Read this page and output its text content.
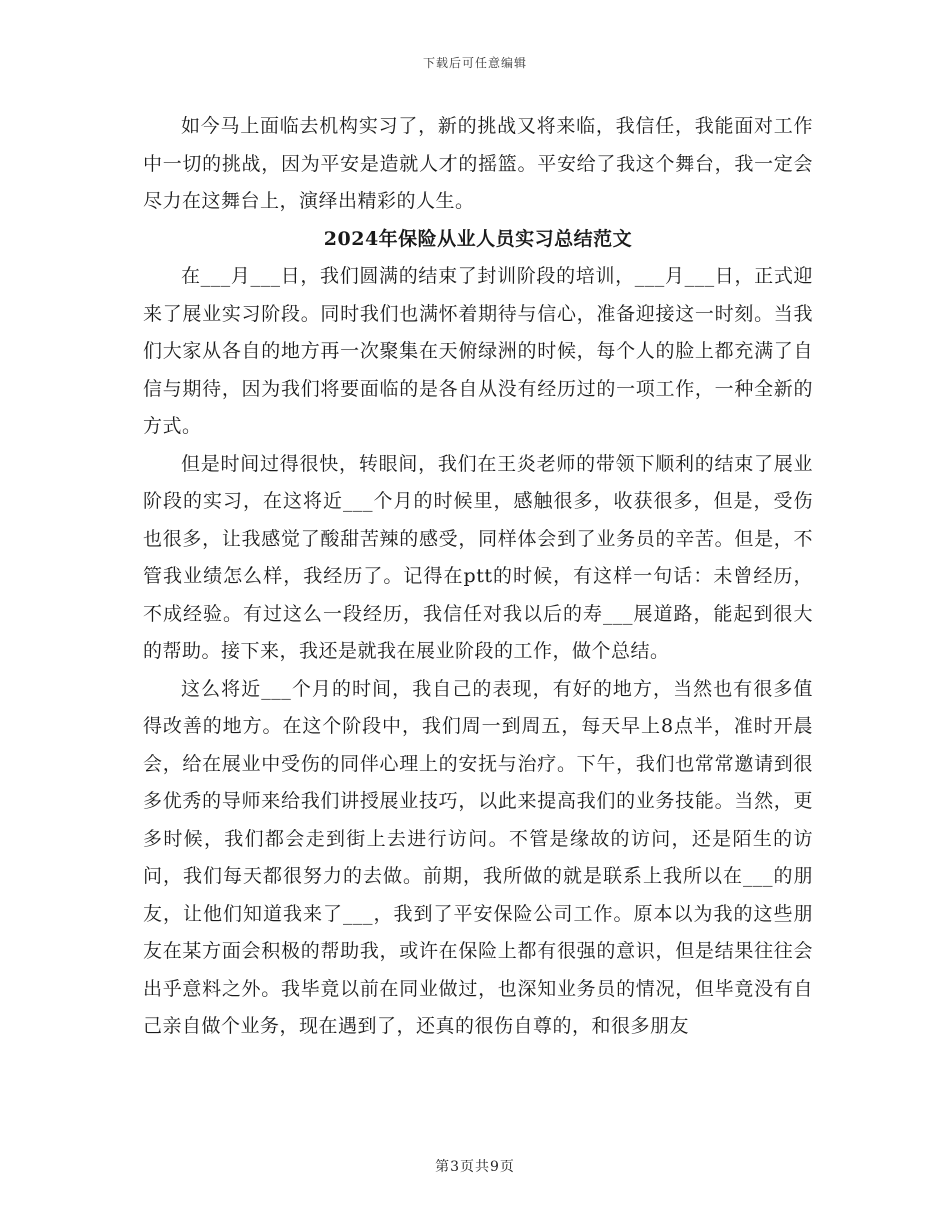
下载后可任意编辑

如今马上面临去机构实习了，新的挑战又将来临，我信任，我能面对工作中一切的挑战，因为平安是造就人才的摇篮。平安给了我这个舞台，我一定会尽力在这舞台上，演绎出精彩的人生。

2024年保险从业人员实习总结范文

在___月___日，我们圆满的结束了封训阶段的培训，___月___日，正式迎来了展业实习阶段。同时我们也满怀着期待与信心，准备迎接这一时刻。当我们大家从各自的地方再一次聚集在天俯绿洲的时候，每个人的脸上都充满了自信与期待，因为我们将要面临的是各自从没有经历过的一项工作，一种全新的方式。

但是时间过得很快，转眼间，我们在王炎老师的带领下顺利的结束了展业阶段的实习，在这将近___个月的时候里，感触很多，收获很多，但是，受伤也很多，让我感觉了酸甜苦辣的感受，同样体会到了业务员的辛苦。但是，不管我业绩怎么样，我经历了。记得在ptt的时候，有这样一句话：未曾经历，不成经验。有过这么一段经历，我信任对我以后的寿___展道路，能起到很大的帮助。接下来，我还是就我在展业阶段的工作，做个总结。

这么将近___个月的时间，我自己的表现，有好的地方，当然也有很多值得改善的地方。在这个阶段中，我们周一到周五，每天早上8点半，准时开晨会，给在展业中受伤的同伴心理上的安抚与治疗。下午，我们也常常邀请到很多优秀的导师来给我们讲授展业技巧，以此来提高我们的业务技能。当然，更多时候，我们都会走到街上去进行访问。不管是缘故的访问，还是陌生的访问，我们每天都很努力的去做。前期，我所做的就是联系上我所以在___的朋友，让他们知道我来了___，我到了平安保险公司工作。原本以为我的这些朋友在某方面会积极的帮助我，或许在保险上都有很强的意识，但是结果往往会出乎意料之外。我毕竟以前在同业做过，也深知业务员的情况，但毕竟没有自己亲自做个业务，现在遇到了，还真的很伤自尊的，和很多朋友

第3页共9页
